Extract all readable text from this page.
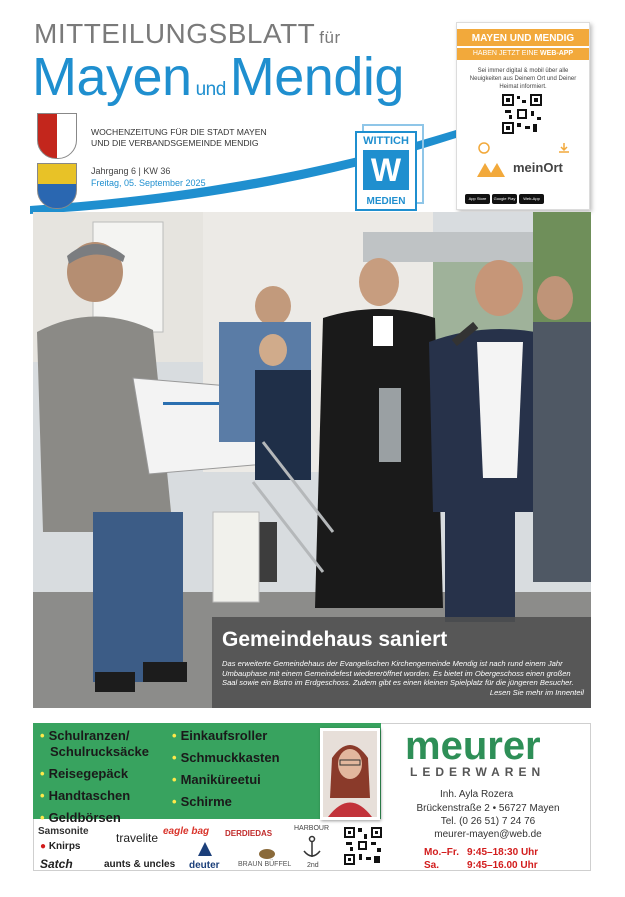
MITTEILUNGSBLATT für
Mayen undMendig
WOCHENZEITUNG FÜR DIE STADT MAYEN
UND DIE VERBANDSGEMEINDE MENDIG
Jahrgang 6 | KW 36
Freitag, 05. September 2025
WITTICH
W
MEDIEN
MAYEN UND MENDIG
HABEN JETZT EINE WEB-APP
Sei immer digital & mobil über alle Neuigkeiten aus Deinem Ort und Deiner Heimat informiert.
meinOrt
App Store Google Play Web-App
Gemeindehaus saniert
Das erweiterte Gemeindehaus der Evangelischen Kirchengemeinde Mendig ist nach rund einem Jahr Umbauphase mit einem Gemeindefest wiedereröffnet worden. Es bietet im Obergeschoss einen großen Saal sowie ein Bistro im Erdgeschoss. Zudem gibt es einen kleinen Spielplatz für die jüngeren Besucher.
Lesen Sie mehr im Innenteil
• Schulranzen/
Schulrucksäcke
• Reisegepäck
• Handtaschen
• Geldbörsen
• Einkaufsroller
• Schmuckkasten
• Maniküreetui
• Schirme
Samsonite travelite eagle bag DERDIEDAS
HARBOUR
● Knirps
Satch	aunts & uncles deuter	BRAUN BÜFFEL 2nd
meurer
LEDERWAREN
Inh. Ayla Rozera
Brückenstraße 2 • 56727 Mayen
Tel. (0 26 51) 7 24 76
meurer-mayen@web.de
Mo.–Fr.	9:45–18:30 Uhr
Sa.	9:45–16.00 Uhr
